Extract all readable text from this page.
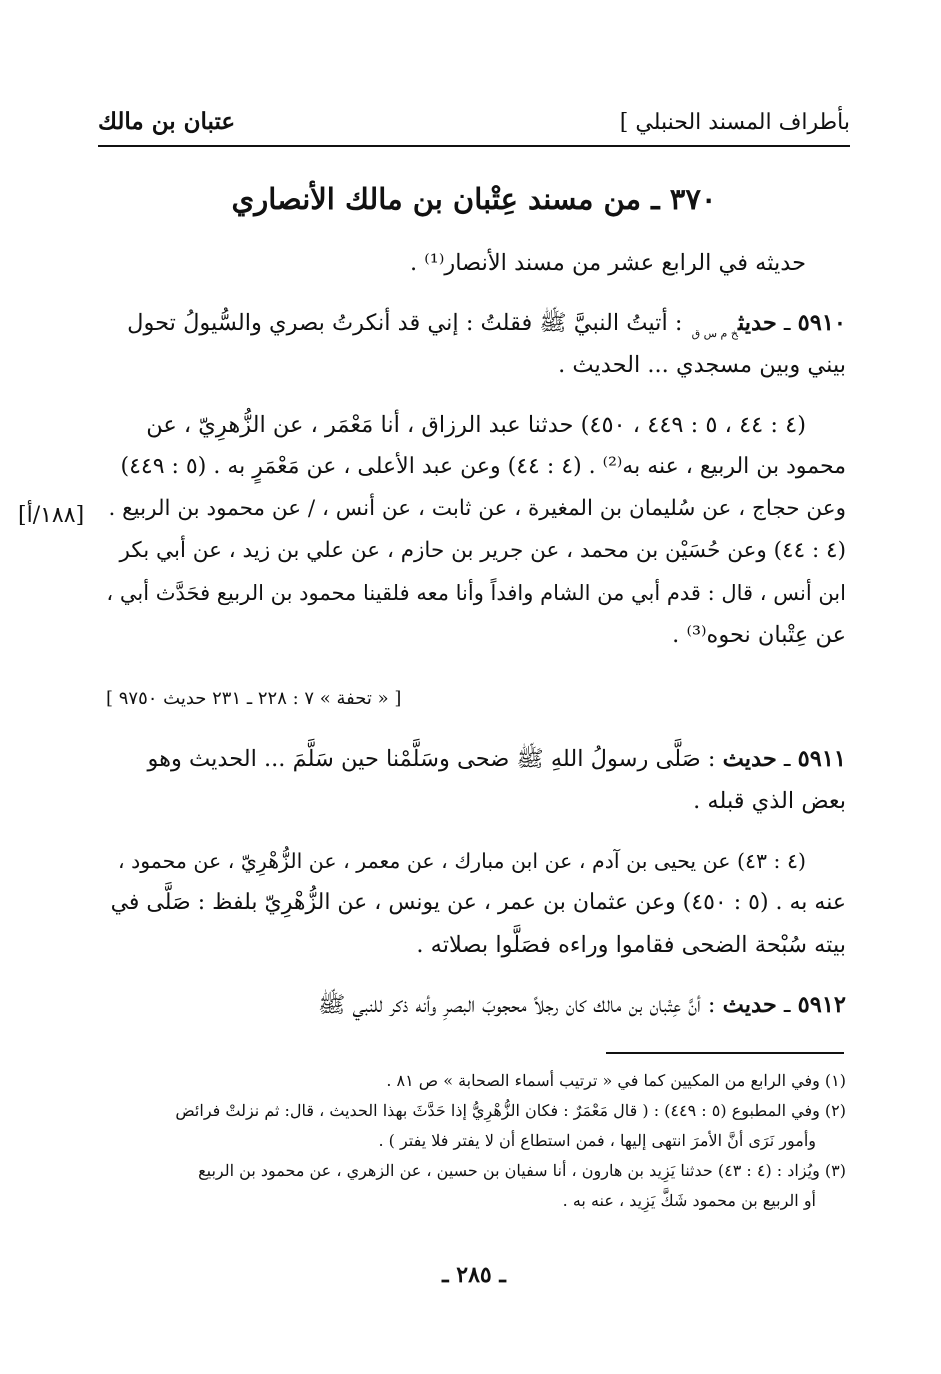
بأطراف المسند الحنبلي ]
عتبان بن مالك
٣٧٠ ـ من مسند عِتْبان بن مالك الأنصاري
حديثه في الرابع عشر من مسند الأنصار⁽¹⁾ .
٥٩١٠ ـ حديث$_{خ م س ق}$ : أتيتُ النبيَّ ﷺ فقلتُ : إني قد أنكرتُ بصري والسُّيولُ تحول
بيني وبين مسجدي ... الحديث .
(٤ : ٤٤ ، ٥ : ٤٤٩ ، ٤٥٠) حدثنا عبد الرزاق ، أنا مَعْمَر ، عن الزُّهرِيّ ، عن
محمود بن الربيع ، عنه به⁽²⁾ . (٤ : ٤٤) وعن عبد الأعلى ، عن مَعْمَرٍ به . (٥ : ٤٤٩)
وعن حجاج ، عن سُليمان بن المغيرة ، عن ثابت ، عن أنس ، / عن محمود بن الربيع .
(٤ : ٤٤) وعن حُسَيْن بن محمد ، عن جرير بن حازم ، عن علي بن زيد ، عن أبي بكر
ابن أنس ، قال : قدم أبي من الشام وافداً وأنا معه فلقينا محمود بن الربيع فحَدَّث أبي ،
عن عِتْبان نحوه⁽³⁾ .
[١٨٨/أ]
[ « تحفة » ٧ : ٢٢٨ ـ ٢٣١ حديث ٩٧٥٠ ]
٥٩١١ ـ حديث : صَلَّى رسولُ اللهِ ﷺ ضحى وسَلَّمْنا حين سَلَّمَ ... الحديث وهو
بعض الذي قبله .
(٤ : ٤٣) عن يحيى بن آدم ، عن ابن مبارك ، عن معمر ، عن الزُّهْرِيّ ، عن محمود ،
عنه به . (٥ : ٤٥٠) وعن عثمان بن عمر ، عن يونس ، عن الزُّهْرِيّ بلفظ : صَلَّى في
بيته سُبْحة الضحى فقاموا وراءه فصَلَّوا بصلاته .
٥٩١٢ ـ حديث : أنَّ عِتْبان بن مالك كان رجلاً محجوبَ البصرِ وأنه ذكر للنبي ﷺ
(١) وفي الرابع من المكيين كما في « ترتيب أسماء الصحابة » ص ٨١ .
(٢) وفي المطبوع (٥ : ٤٤٩) : ( قال مَعْمَرٌ : فكان الزُّهْرِيُّ إذا حَدَّثَ بهذا الحديث ، قال: ثم نزلتْ فرائض
وأمور نَرَى أنَّ الأمرَ انتهى إليها ، فمن استطاع أن لا يفتر فلا يفتر ) .
(٣) ويُزاد : (٤ : ٤٣) حدثنا يَزِيد بن هارون ، أنا سفيان بن حسين ، عن الزهري ، عن محمود بن الربيع
أو الربيع بن محمود شَكَّ يَزِيد ، عنه به .
ـ ٢٨٥ ـ
